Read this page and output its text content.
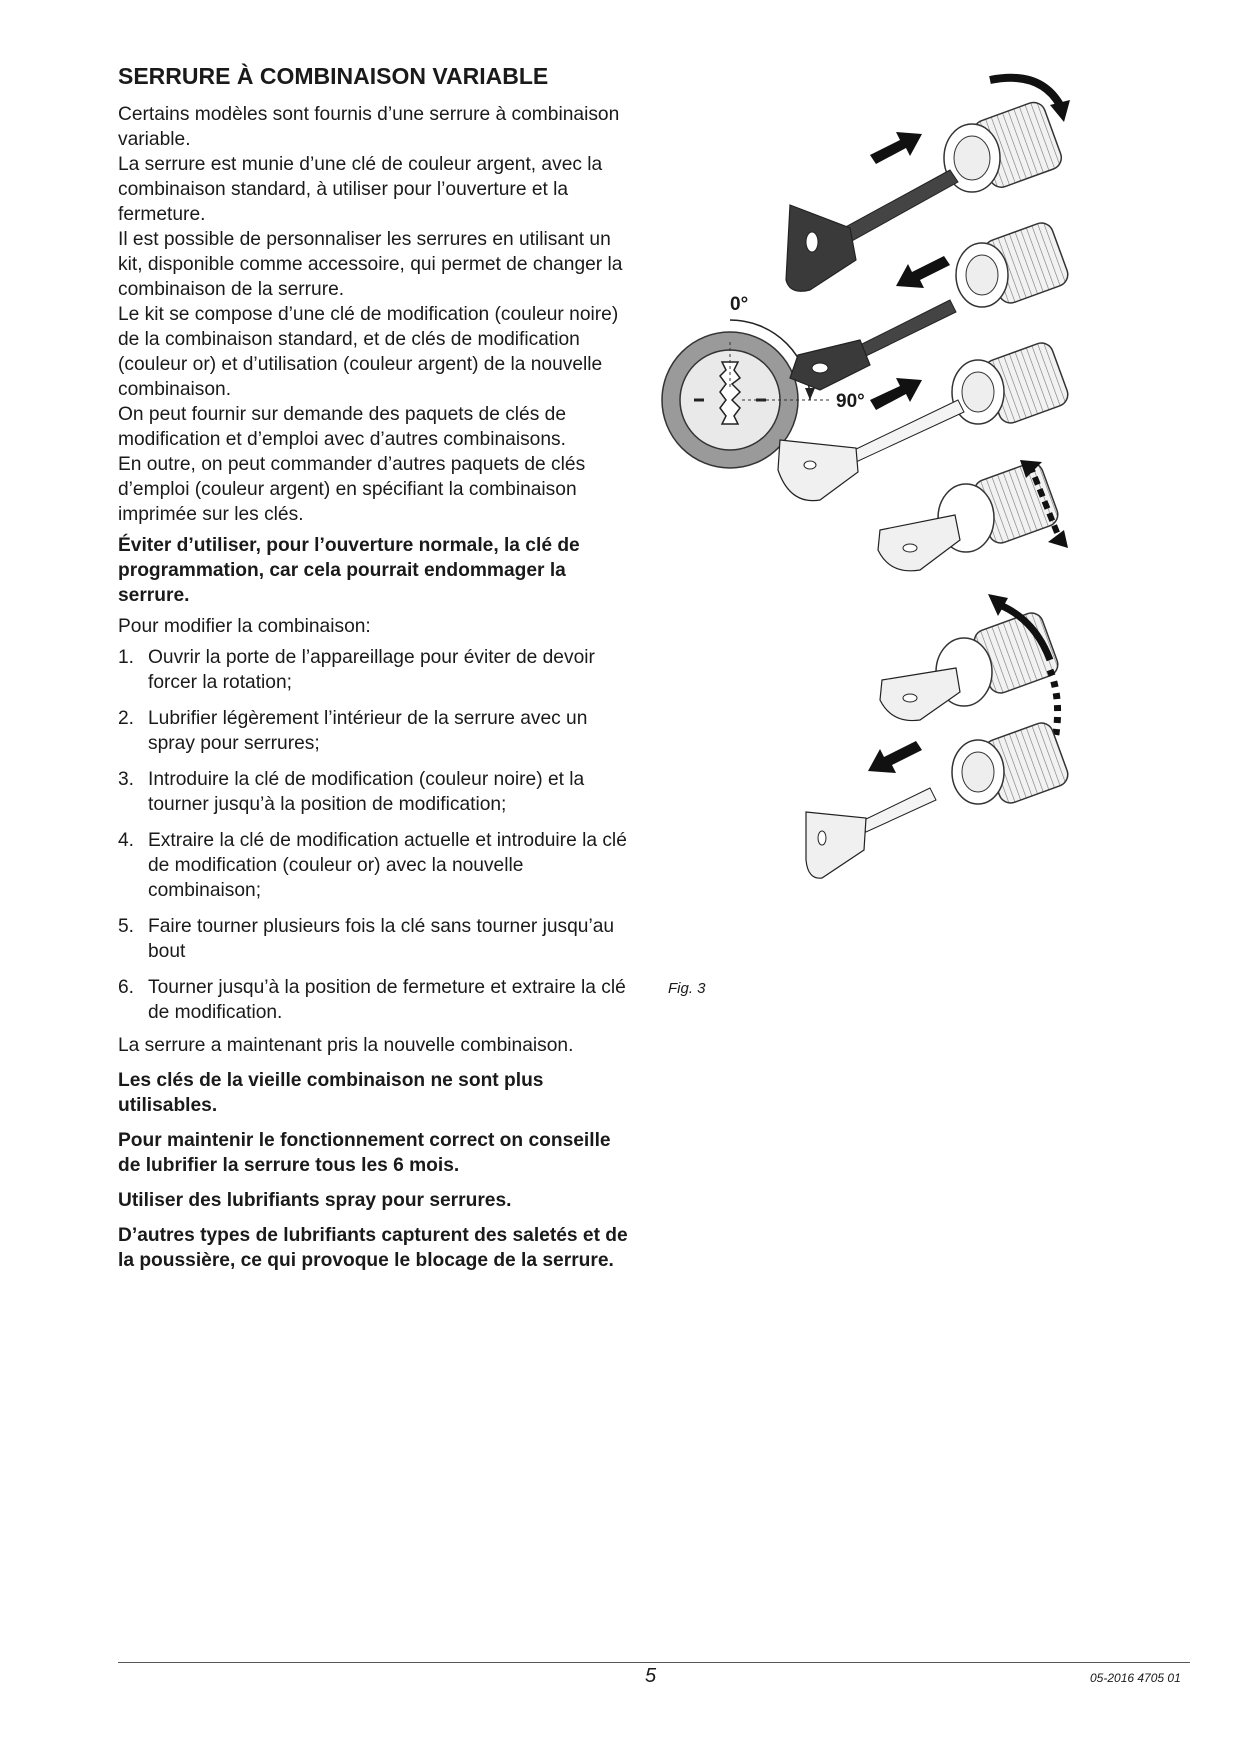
SERRURE À COMBINAISON VARIABLE

Certains modèles sont fournis d’une serrure à combinaison variable.

La serrure est munie d’une clé de couleur argent, avec la combinaison standard, à utiliser pour l’ouverture et la fermeture.

Il est possible de personnaliser les serrures en utilisant un kit, disponible comme accessoire, qui permet de changer la combinaison de la serrure.

Le kit se compose d’une clé de modification (couleur noire) de la combinaison standard, et de clés de modification (couleur or) et d’utilisation (couleur argent) de la nouvelle combinaison.

On peut fournir sur demande des paquets de clés de modification et d’emploi avec d’autres combinaisons.

En outre, on peut commander d’autres paquets de clés d’emploi (couleur argent) en spécifiant la combinaison imprimée sur les clés.

Éviter d’utiliser, pour l’ouverture normale, la clé de programmation, car cela pourrait endommager la serrure.

Pour modifier la combinaison:

1. Ouvrir la porte de l’appareillage pour éviter de devoir forcer la rotation;
2. Lubrifier légèrement l’intérieur de la serrure avec un spray pour serrures;
3. Introduire la clé de modification (couleur noire) et la tourner jusqu’à la position de modification;
4. Extraire la clé de modification actuelle et introduire la clé de modification (couleur or) avec la nouvelle combinaison;
5. Faire tourner plusieurs fois la clé sans tourner jusqu’au bout
6. Tourner jusqu’à la position de fermeture et extraire la clé de modification.

La serrure a maintenant pris la nouvelle combinaison.

Les clés de la vieille combinaison ne sont plus utilisables.

Pour maintenir le fonctionnement correct on conseille de lubrifier la serrure tous les 6 mois.

Utiliser des lubrifiants spray pour serrures.

D’autres types de lubrifiants capturent des saletés et de la poussière, ce qui provoque le blocage de la serrure.

0°
90°
Fig. 3
5	05-2016 4705 01
